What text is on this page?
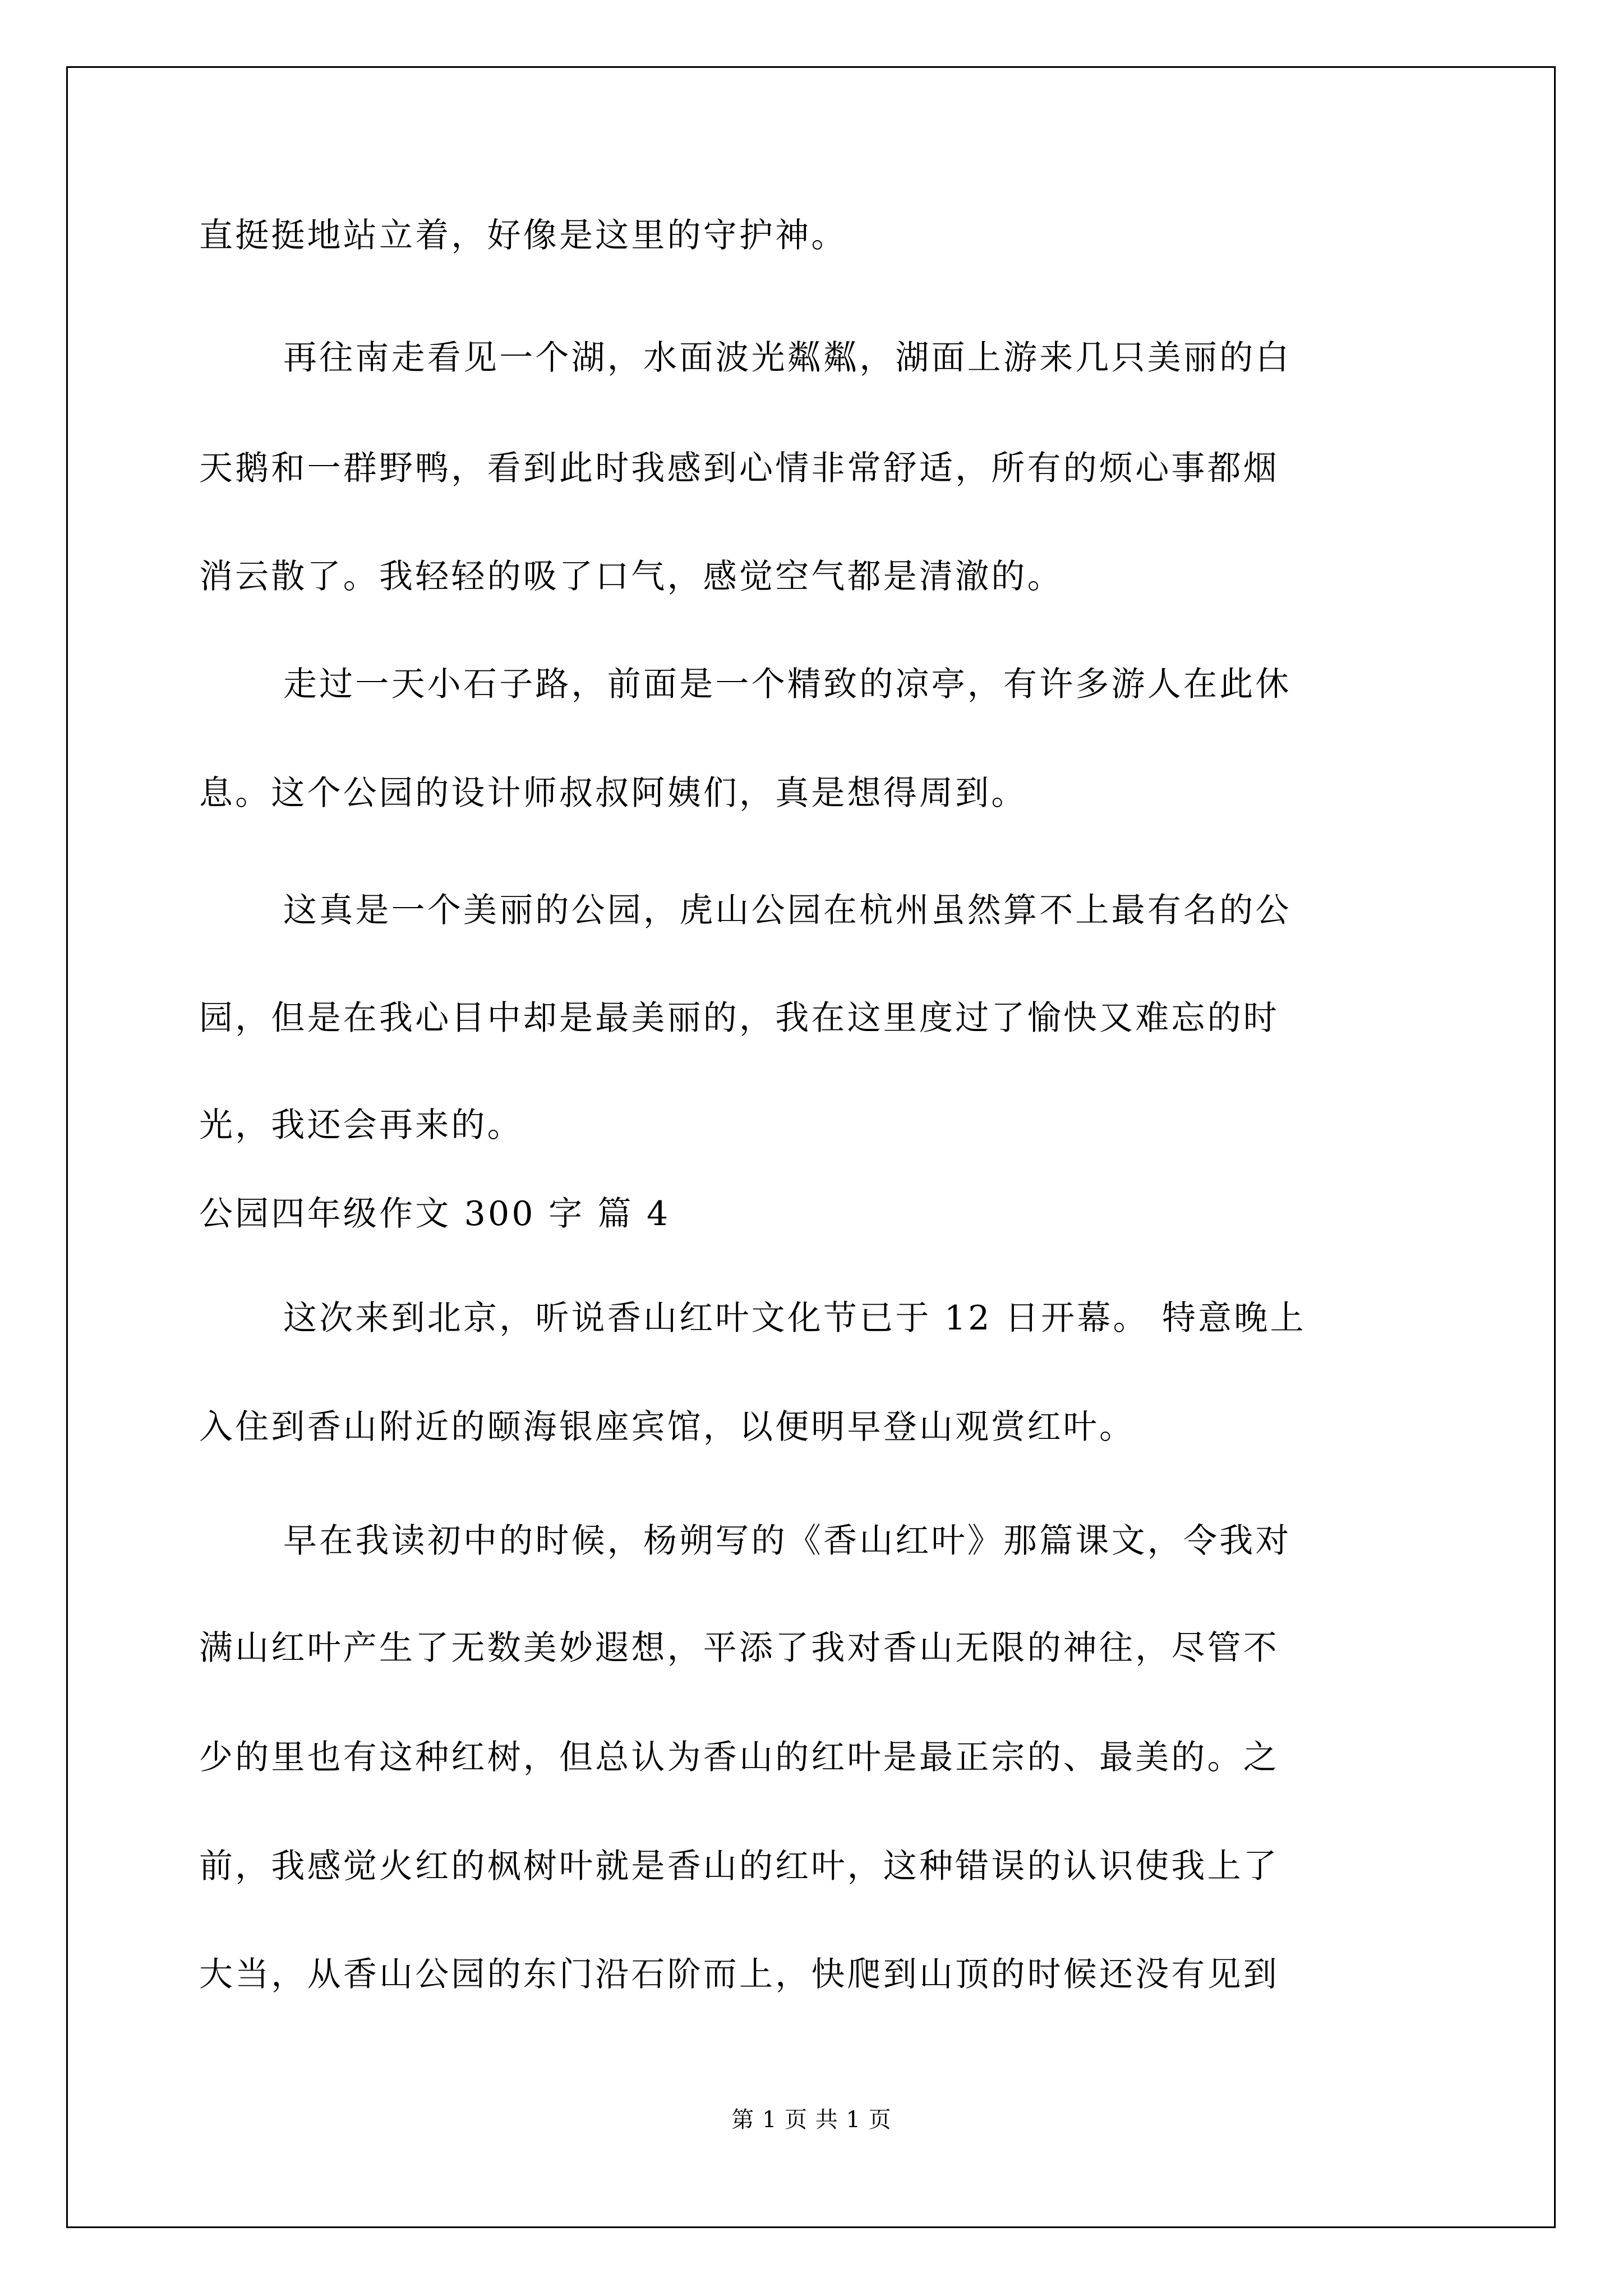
直挺挺地站立着，好像是这里的守护神。
再往南走看见一个湖，水面波光粼粼，湖面上游来几只美丽的白
天鹅和一群野鸭，看到此时我感到心情非常舒适，所有的烦心事都烟
消云散了。我轻轻的吸了口气，感觉空气都是清澈的。
走过一天小石子路，前面是一个精致的凉亭，有许多游人在此休
息。这个公园的设计师叔叔阿姨们，真是想得周到。
这真是一个美丽的公园，虎山公园在杭州虽然算不上最有名的公
园，但是在我心目中却是最美丽的，我在这里度过了愉快又难忘的时
光，我还会再来的。
公园四年级作文 300 字 篇 4
这次来到北京，听说香山红叶文化节已于 12 日开幕。 特意晚上
入住到香山附近的颐海银座宾馆，以便明早登山观赏红叶。
早在我读初中的时候，杨朔写的《香山红叶》那篇课文，令我对
满山红叶产生了无数美妙遐想，平添了我对香山无限的神往，尽管不
少的里也有这种红树，但总认为香山的红叶是最正宗的、最美的。之
前，我感觉火红的枫树叶就是香山的红叶，这种错误的认识使我上了
大当，从香山公园的东门沿石阶而上，快爬到山顶的时候还没有见到
第 1 页 共 1 页
